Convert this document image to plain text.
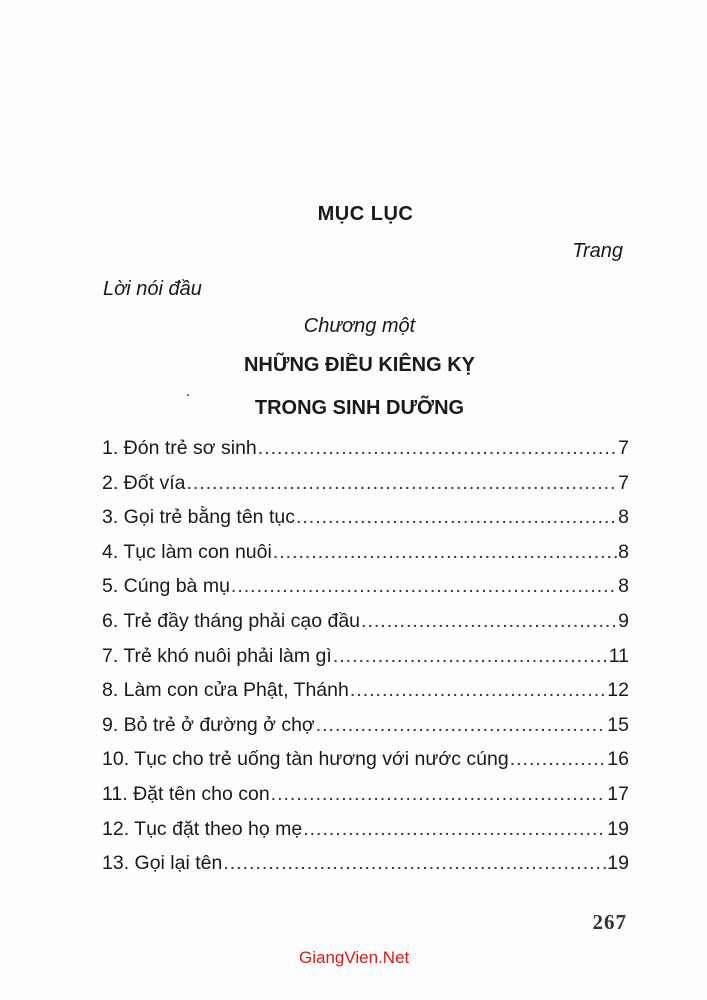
MỤC LỤC
Trang
Lời nói đầu
Chương một
NHỮNG ĐIỀU KIÊNG KỴ
TRONG SINH DƯỠNG
1. Đón trẻ sơ sinh .....	7
2. Đốt vía .....	7
3. Gọi trẻ bằng tên tục .....	8
4. Tục làm con nuôi .....	8
5. Cúng bà mụ .....	8
6. Trẻ đầy tháng phải cạo đầu .....	9
7. Trẻ khó nuôi phải làm gì .....	11
8. Làm con cửa Phật, Thánh .....	12
9. Bỏ trẻ ở đường ở chợ .....	15
10. Tục cho trẻ uống tàn hương với nước cúng .....	16
11. Đặt tên cho con .....	17
12. Tục đặt theo họ mẹ .....	19
13. Gọi lại tên .....	19
267
GiangVien.Net
